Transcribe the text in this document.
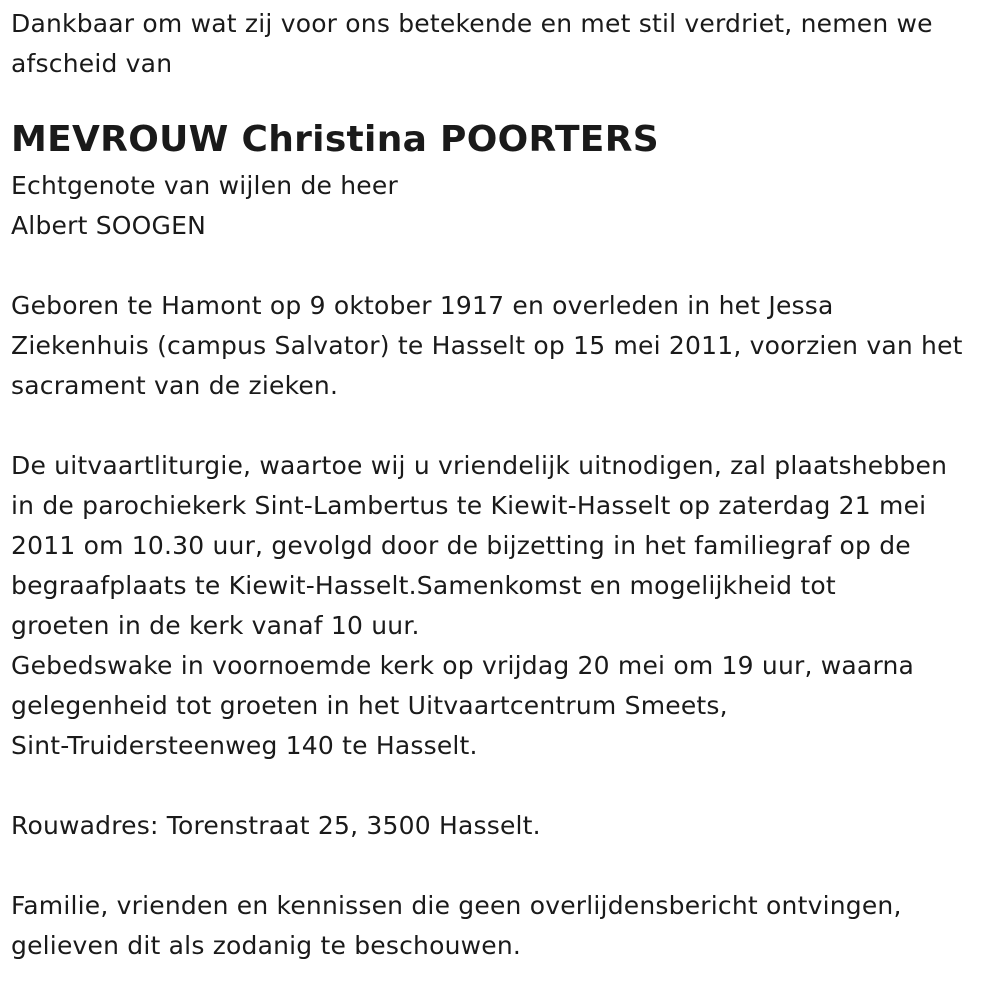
Dankbaar om wat zij voor ons betekende en met stil verdriet, nemen we

afscheid van

MEVROUW Christina POORTERS

Echtgenote van wijlen de heer

Albert SOOGEN

Geboren te Hamont op 9 oktober 1917 en overleden in het Jessa

Ziekenhuis (campus Salvator) te Hasselt op 15 mei 2011, voorzien van het

sacrament van de zieken.

De uitvaartliturgie, waartoe wij u vriendelijk uitnodigen, zal plaatshebben

in de parochiekerk Sint-Lambertus te Kiewit-Hasselt op zaterdag 21 mei

2011 om 10.30 uur, gevolgd door de bijzetting in het familiegraf op de

begraafplaats te Kiewit-Hasselt.Samenkomst en mogelijkheid tot

groeten in de kerk vanaf 10 uur.

Gebedswake in voornoemde kerk op vrijdag 20 mei om 19 uur, waarna

gelegenheid tot groeten in het Uitvaartcentrum Smeets,

Sint-Truidersteenweg 140 te Hasselt.

Rouwadres: Torenstraat 25, 3500 Hasselt.

Familie, vrienden en kennissen die geen overlijdensbericht ontvingen,

gelieven dit als zodanig te beschouwen.
